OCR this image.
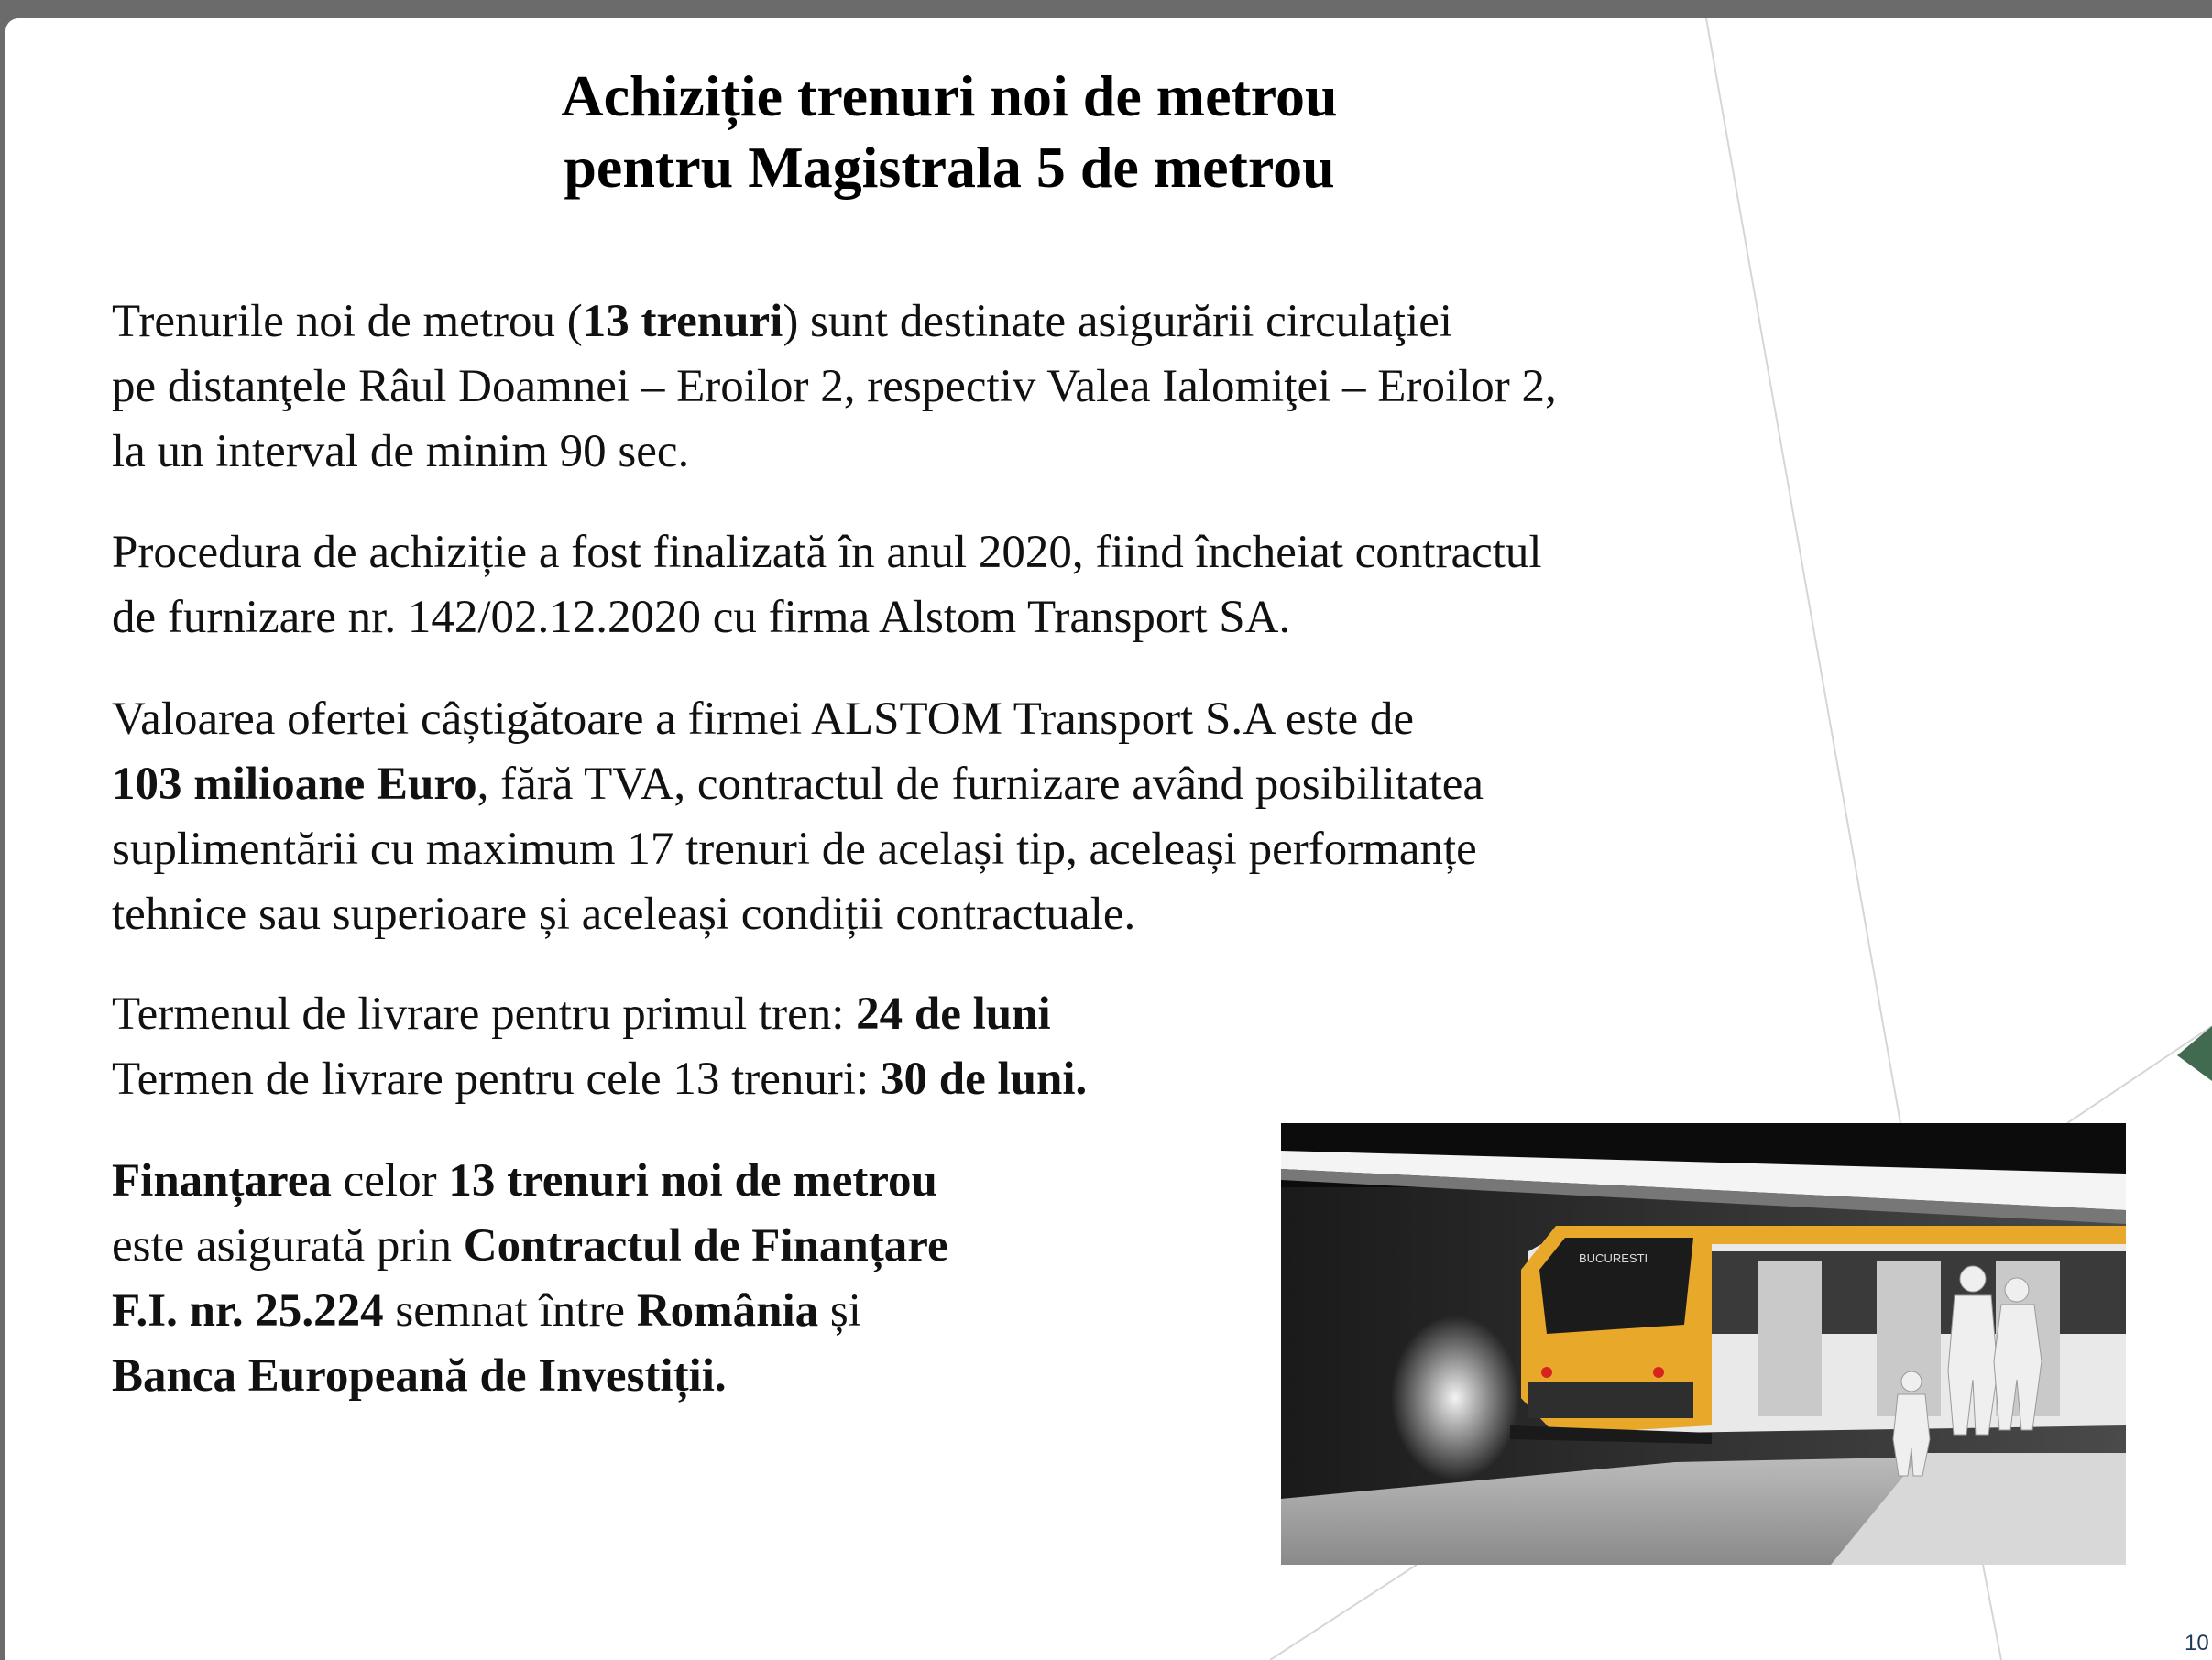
Achiziție trenuri noi de metrou
pentru Magistrala 5 de metrou
Trenurile noi de metrou (13 trenuri) sunt destinate asigurării circulaţiei
pe distanţele Râul Doamnei – Eroilor 2, respectiv Valea Ialomiţei – Eroilor 2,
la un interval de minim 90 sec.
Procedura de achiziție a fost finalizată în anul 2020, fiind încheiat contractul
de furnizare nr. 142/02.12.2020 cu firma Alstom Transport SA.
Valoarea ofertei câștigătoare a firmei ALSTOM Transport S.A este de
103 milioane Euro, fără TVA, contractul de furnizare având posibilitatea
suplimentării cu maximum 17 trenuri de același tip, aceleași performanțe
tehnice sau superioare și aceleași condiții contractuale.
Termenul de livrare pentru primul tren: 24 de luni
Termen de livrare pentru cele 13 trenuri: 30 de luni.
Finanțarea celor 13 trenuri noi de metrou
este asigurată prin Contractul de Finanțare
F.I. nr. 25.224 semnat între România și
Banca Europeană de Investiții.
BUCURESTI
10
